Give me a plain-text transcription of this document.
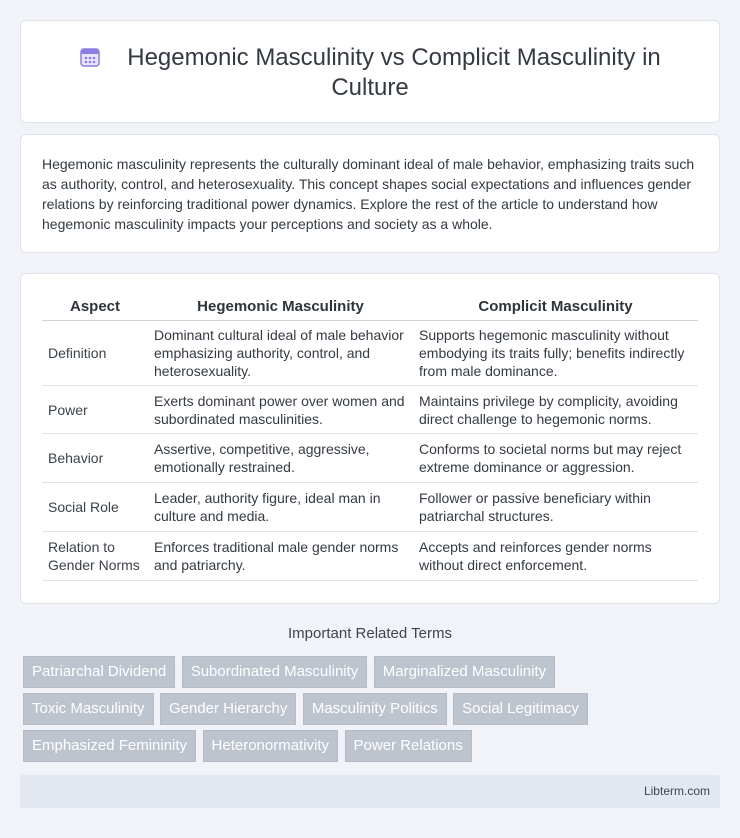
Hegemonic Masculinity vs Complicit Masculinity in Culture

Hegemonic masculinity represents the culturally dominant ideal of male behavior, emphasizing traits such as authority, control, and heterosexuality. This concept shapes social expectations and influences gender relations by reinforcing traditional power dynamics. Explore the rest of the article to understand how hegemonic masculinity impacts your perceptions and society as a whole.

Aspect	Hegemonic Masculinity	Complicit Masculinity
Definition	Dominant cultural ideal of male behavior emphasizing authority, control, and heterosexuality.	Supports hegemonic masculinity without embodying its traits fully; benefits indirectly from male dominance.
Power	Exerts dominant power over women and subordinated masculinities.	Maintains privilege by complicity, avoiding direct challenge to hegemonic norms.
Behavior	Assertive, competitive, aggressive, emotionally restrained.	Conforms to societal norms but may reject extreme dominance or aggression.
Social Role	Leader, authority figure, ideal man in culture and media.	Follower or passive beneficiary within patriarchal structures.
Relation to Gender Norms	Enforces traditional male gender norms and patriarchy.	Accepts and reinforces gender norms without direct enforcement.
Important Related Terms
Patriarchal Dividend Subordinated Masculinity Marginalized Masculinity
Toxic Masculinity Gender Hierarchy Masculinity Politics Social Legitimacy
Emphasized Femininity Heteronormativity Power Relations
Libterm.com
